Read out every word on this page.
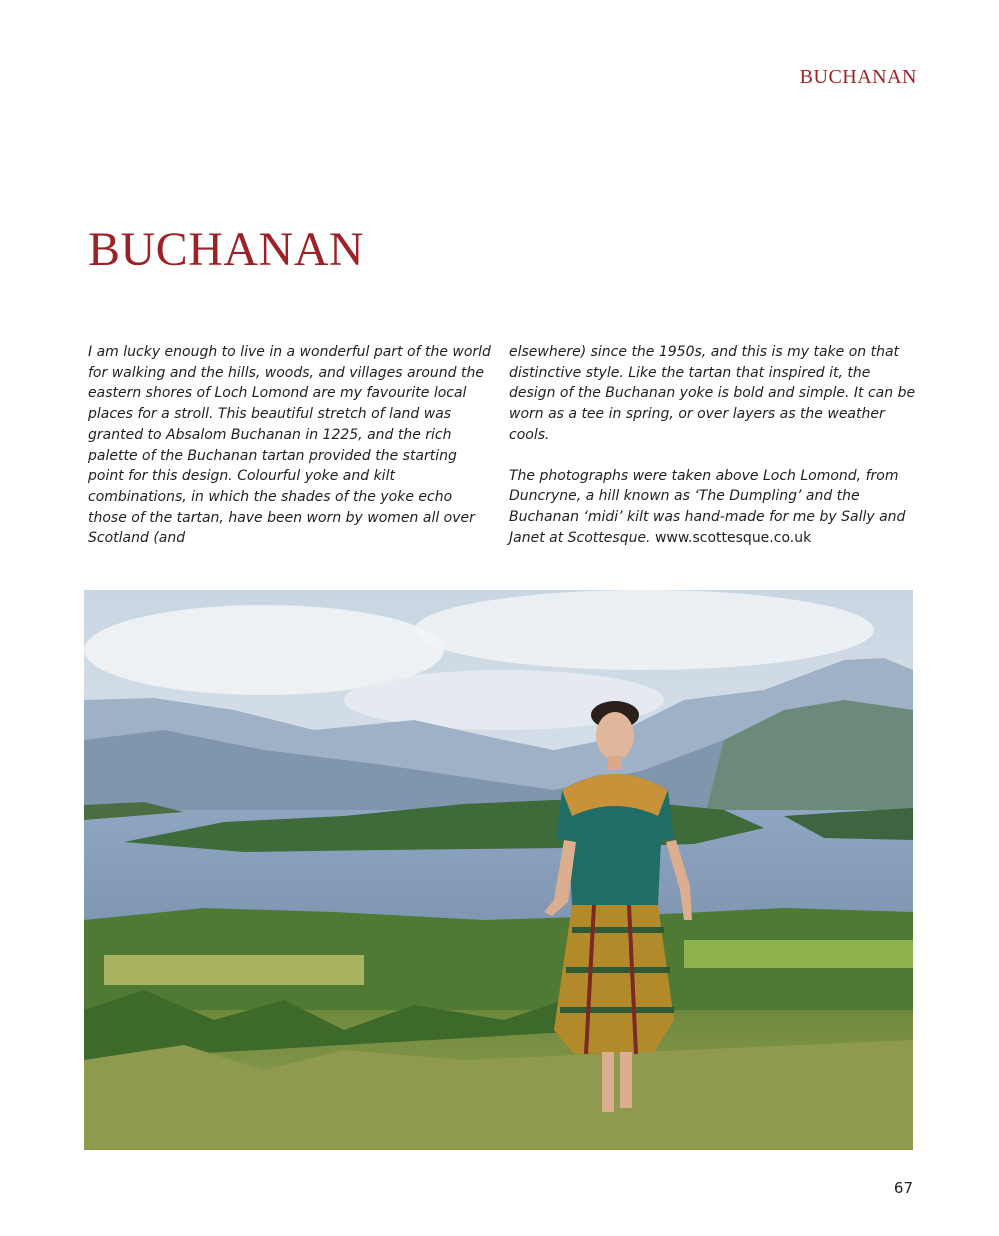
BUCHANAN
BUCHANAN

I am lucky enough to live in a wonderful part of the world for walking and the hills, woods, and villages around the eastern shores of Loch Lomond are my favourite local places for a stroll. This beautiful stretch of land was granted to Absalom Buchanan in 1225, and the rich palette of the Buchanan tartan provided the starting point for this design. Colourful yoke and kilt combinations, in which the shades of the yoke echo those of the tartan, have been worn by women all over Scotland (and

elsewhere) since the 1950s, and this is my take on that distinctive style. Like the tartan that inspired it, the design of the Buchanan yoke is bold and simple. It can be worn as a tee in spring, or over layers as the weather cools.

The photographs were taken above Loch Lomond, from Duncryne, a hill known as ‘The Dumpling’ and the Buchanan ‘midi’ kilt was hand-made for me by Sally and Janet at Scottesque. www.scottesque.co.uk

67
